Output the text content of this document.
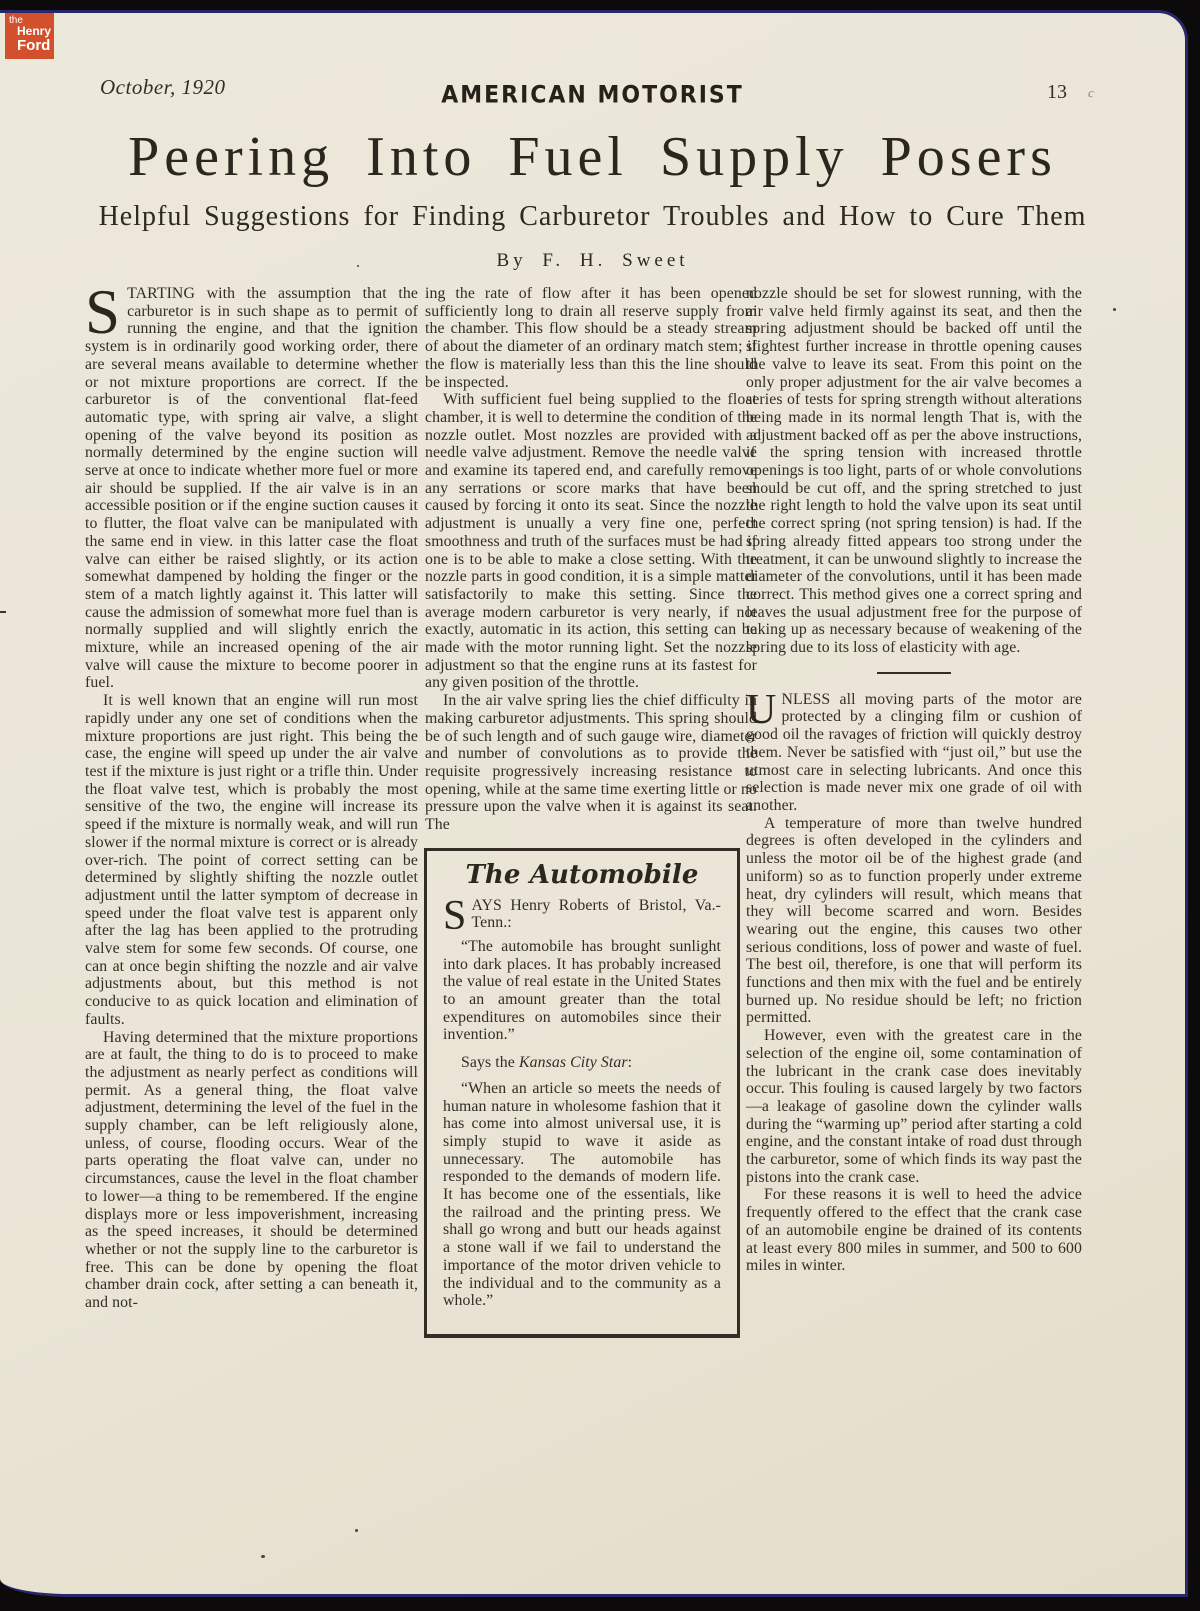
October, 1920	AMERICAN MOTORIST	13 c
Peering Into Fuel Supply Posers
Helpful Suggestions for Finding Carburetor Troubles and How to Cure Them
By F. H. Sweet

STARTING with the assumption that the carburetor is in such shape as to permit of running the engine, and that the ignition system is in ordinarily good working order, there are several means available to determine whether or not mixture proportions are correct. If the carburetor is of the conventional flat-feed automatic type, with spring air valve, a slight opening of the valve beyond its position as normally determined by the engine suction will serve at once to indicate whether more fuel or more air should be supplied. If the air valve is in an accessible position or if the engine suction causes it to flutter, the float valve can be manipulated with the same end in view. in this latter case the float valve can either be raised slightly, or its action somewhat dampened by holding the finger or the stem of a match lightly against it. This latter will cause the admission of somewhat more fuel than is normally supplied and will slightly enrich the mixture, while an increased opening of the air valve will cause the mixture to become poorer in fuel.

It is well known that an engine will run most rapidly under any one set of conditions when the mixture proportions are just right. This being the case, the engine will speed up under the air valve test if the mixture is just right or a trifle thin. Under the float valve test, which is probably the most sensitive of the two, the engine will increase its speed if the mixture is normally weak, and will run slower if the normal mixture is correct or is already over-rich. The point of correct setting can be determined by slightly shifting the nozzle outlet adjustment until the latter symptom of decrease in speed under the float valve test is apparent only after the lag has been applied to the protruding valve stem for some few seconds. Of course, one can at once begin shifting the nozzle and air valve adjustments about, but this method is not conducive to as quick location and elimination of faults.

Having determined that the mixture proportions are at fault, the thing to do is to proceed to make the adjustment as nearly perfect as conditions will permit. As a general thing, the float valve adjustment, determining the level of the fuel in the supply chamber, can be left religiously alone, unless, of course, flooding occurs. Wear of the parts operating the float valve can, under no circumstances, cause the level in the float chamber to lower—a thing to be remembered. If the engine displays more or less impoverishment, increasing as the speed increases, it should be determined whether or not the supply line to the carburetor is free. This can be done by opening the float chamber drain cock, after setting a can beneath it, and not-

ing the rate of flow after it has been opened sufficiently long to drain all reserve supply from the chamber. This flow should be a steady stream of about the diameter of an ordinary match stem; if the flow is materially less than this the line should be inspected.

With sufficient fuel being supplied to the float chamber, it is well to determine the condition of the nozzle outlet. Most nozzles are provided with a needle valve adjustment. Remove the needle valve and examine its tapered end, and carefully remove any serrations or score marks that have been caused by forcing it onto its seat. Since the nozzle adjustment is unually a very fine one, perfect smoothness and truth of the surfaces must be had if one is to be able to make a close setting. With the nozzle parts in good condition, it is a simple matter satisfactorily to make this setting. Since the average modern carburetor is very nearly, if not exactly, automatic in its action, this setting can be made with the motor running light. Set the nozzle adjustment so that the engine runs at its fastest for any given position of the throttle.

In the air valve spring lies the chief difficulty in making carburetor adjustments. This spring should be of such length and of such gauge wire, diameter and number of convolutions as to provide the requisite progressively increasing resistance to opening, while at the same time exerting little or no pressure upon the valve when it is against its seat. The

The Automobile

SAYS Henry Roberts of Bristol, Va.-Tenn.:

“The automobile has brought sunlight into dark places. It has probably increased the value of real estate in the United States to an amount greater than the total expenditures on automobiles since their invention.”

Says the Kansas City Star:

“When an article so meets the needs of human nature in wholesome fashion that it has come into almost universal use, it is simply stupid to wave it aside as unnecessary. The automobile has responded to the demands of modern life. It has become one of the essentials, like the railroad and the printing press. We shall go wrong and butt our heads against a stone wall if we fail to understand the importance of the motor driven vehicle to the individual and to the community as a whole.”

nozzle should be set for slowest running, with the air valve held firmly against its seat, and then the spring adjustment should be backed off until the slightest further increase in throttle opening causes the valve to leave its seat. From this point on the only proper adjustment for the air valve becomes a series of tests for spring strength without alterations being made in its normal length That is, with the adjustment backed off as per the above instructions, if the spring tension with increased throttle openings is too light, parts of or whole convolutions should be cut off, and the spring stretched to just the right length to hold the valve upon its seat until the correct spring (not spring tension) is had. If the spring already fitted appears too strong under the treatment, it can be unwound slightly to increase the diameter of the convolutions, until it has been made correct. This method gives one a correct spring and leaves the usual adjustment free for the purpose of taking up as necessary because of weakening of the spring due to its loss of elasticity with age.

UNLESS all moving parts of the motor are protected by a clinging film or cushion of good oil the ravages of friction will quickly destroy them. Never be satisfied with “just oil,” but use the utmost care in selecting lubricants. And once this selection is made never mix one grade of oil with another.

A temperature of more than twelve hundred degrees is often developed in the cylinders and unless the motor oil be of the highest grade (and uniform) so as to function properly under extreme heat, dry cylinders will result, which means that they will become scarred and worn. Besides wearing out the engine, this causes two other serious conditions, loss of power and waste of fuel. The best oil, therefore, is one that will perform its functions and then mix with the fuel and be entirely burned up. No residue should be left; no friction permitted.

However, even with the greatest care in the selection of the engine oil, some contamination of the lubricant in the crank case does inevitably occur. This fouling is caused largely by two factors —a leakage of gasoline down the cylinder walls during the “warming up” period after starting a cold engine, and the constant intake of road dust through the carburetor, some of which finds its way past the pistons into the crank case.

For these reasons it is well to heed the advice frequently offered to the effect that the crank case of an automobile engine be drained of its contents at least every 800 miles in summer, and 500 to 600 miles in winter.

the
Henry
Ford
